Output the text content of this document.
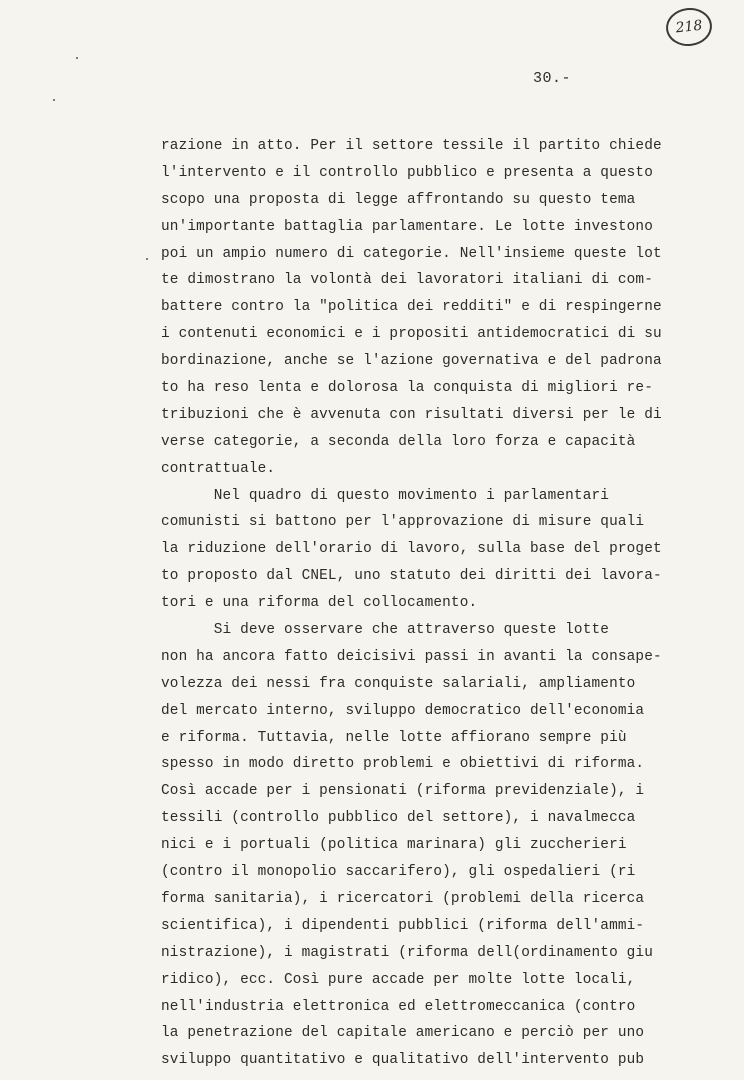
218
30.-
razione in atto. Per il settore tessile il partito chiede
l'intervento e il controllo pubblico e presenta a questo
scopo una proposta di legge affrontando su questo tema
un'importante battaglia parlamentare. Le lotte investono
poi un ampio numero di categorie. Nell'insieme queste lot
te dimostrano la volontà dei lavoratori italiani di com-
battere contro la "politica dei redditi" e di respingerne
i contenuti economici e i propositi antidemocratici di su
bordinazione, anche se l'azione governativa e del padrona
to ha reso lenta e dolorosa la conquista di migliori re-
tribuzioni che è avvenuta con risultati diversi per le di
verse categorie, a seconda della loro forza e capacità
contrattuale.
Nel quadro di questo movimento i parlamentari
comunisti si battono per l'approvazione di misure quali
la riduzione dell'orario di lavoro, sulla base del proget
to proposto dal CNEL, uno statuto dei diritti dei lavora-
tori e una riforma del collocamento.
Si deve osservare che attraverso queste lotte
non ha ancora fatto deicisivi passi in avanti la consape-
volezza dei nessi fra conquiste salariali, ampliamento
del mercato interno, sviluppo democratico dell'economia
e riforma. Tuttavia, nelle lotte affiorano sempre più
spesso in modo diretto problemi e obiettivi di riforma.
Così accade per i pensionati (riforma previdenziale), i
tessili (controllo pubblico del settore), i navalmecca
nici e i portuali (politica marinara) gli zuccherieri
(contro il monopolio saccarifero), gli ospedalieri (ri
forma sanitaria), i ricercatori (problemi della ricerca
scientifica), i dipendenti pubblici (riforma dell'ammi-
nistrazione), i magistrati (riforma dell(ordinamento giu
ridico), ecc. Così pure accade per molte lotte locali,
nell'industria elettronica ed elettromeccanica (contro
la penetrazione del capitale americano e perciò per uno
sviluppo quantitativo e qualitativo dell'intervento pub
